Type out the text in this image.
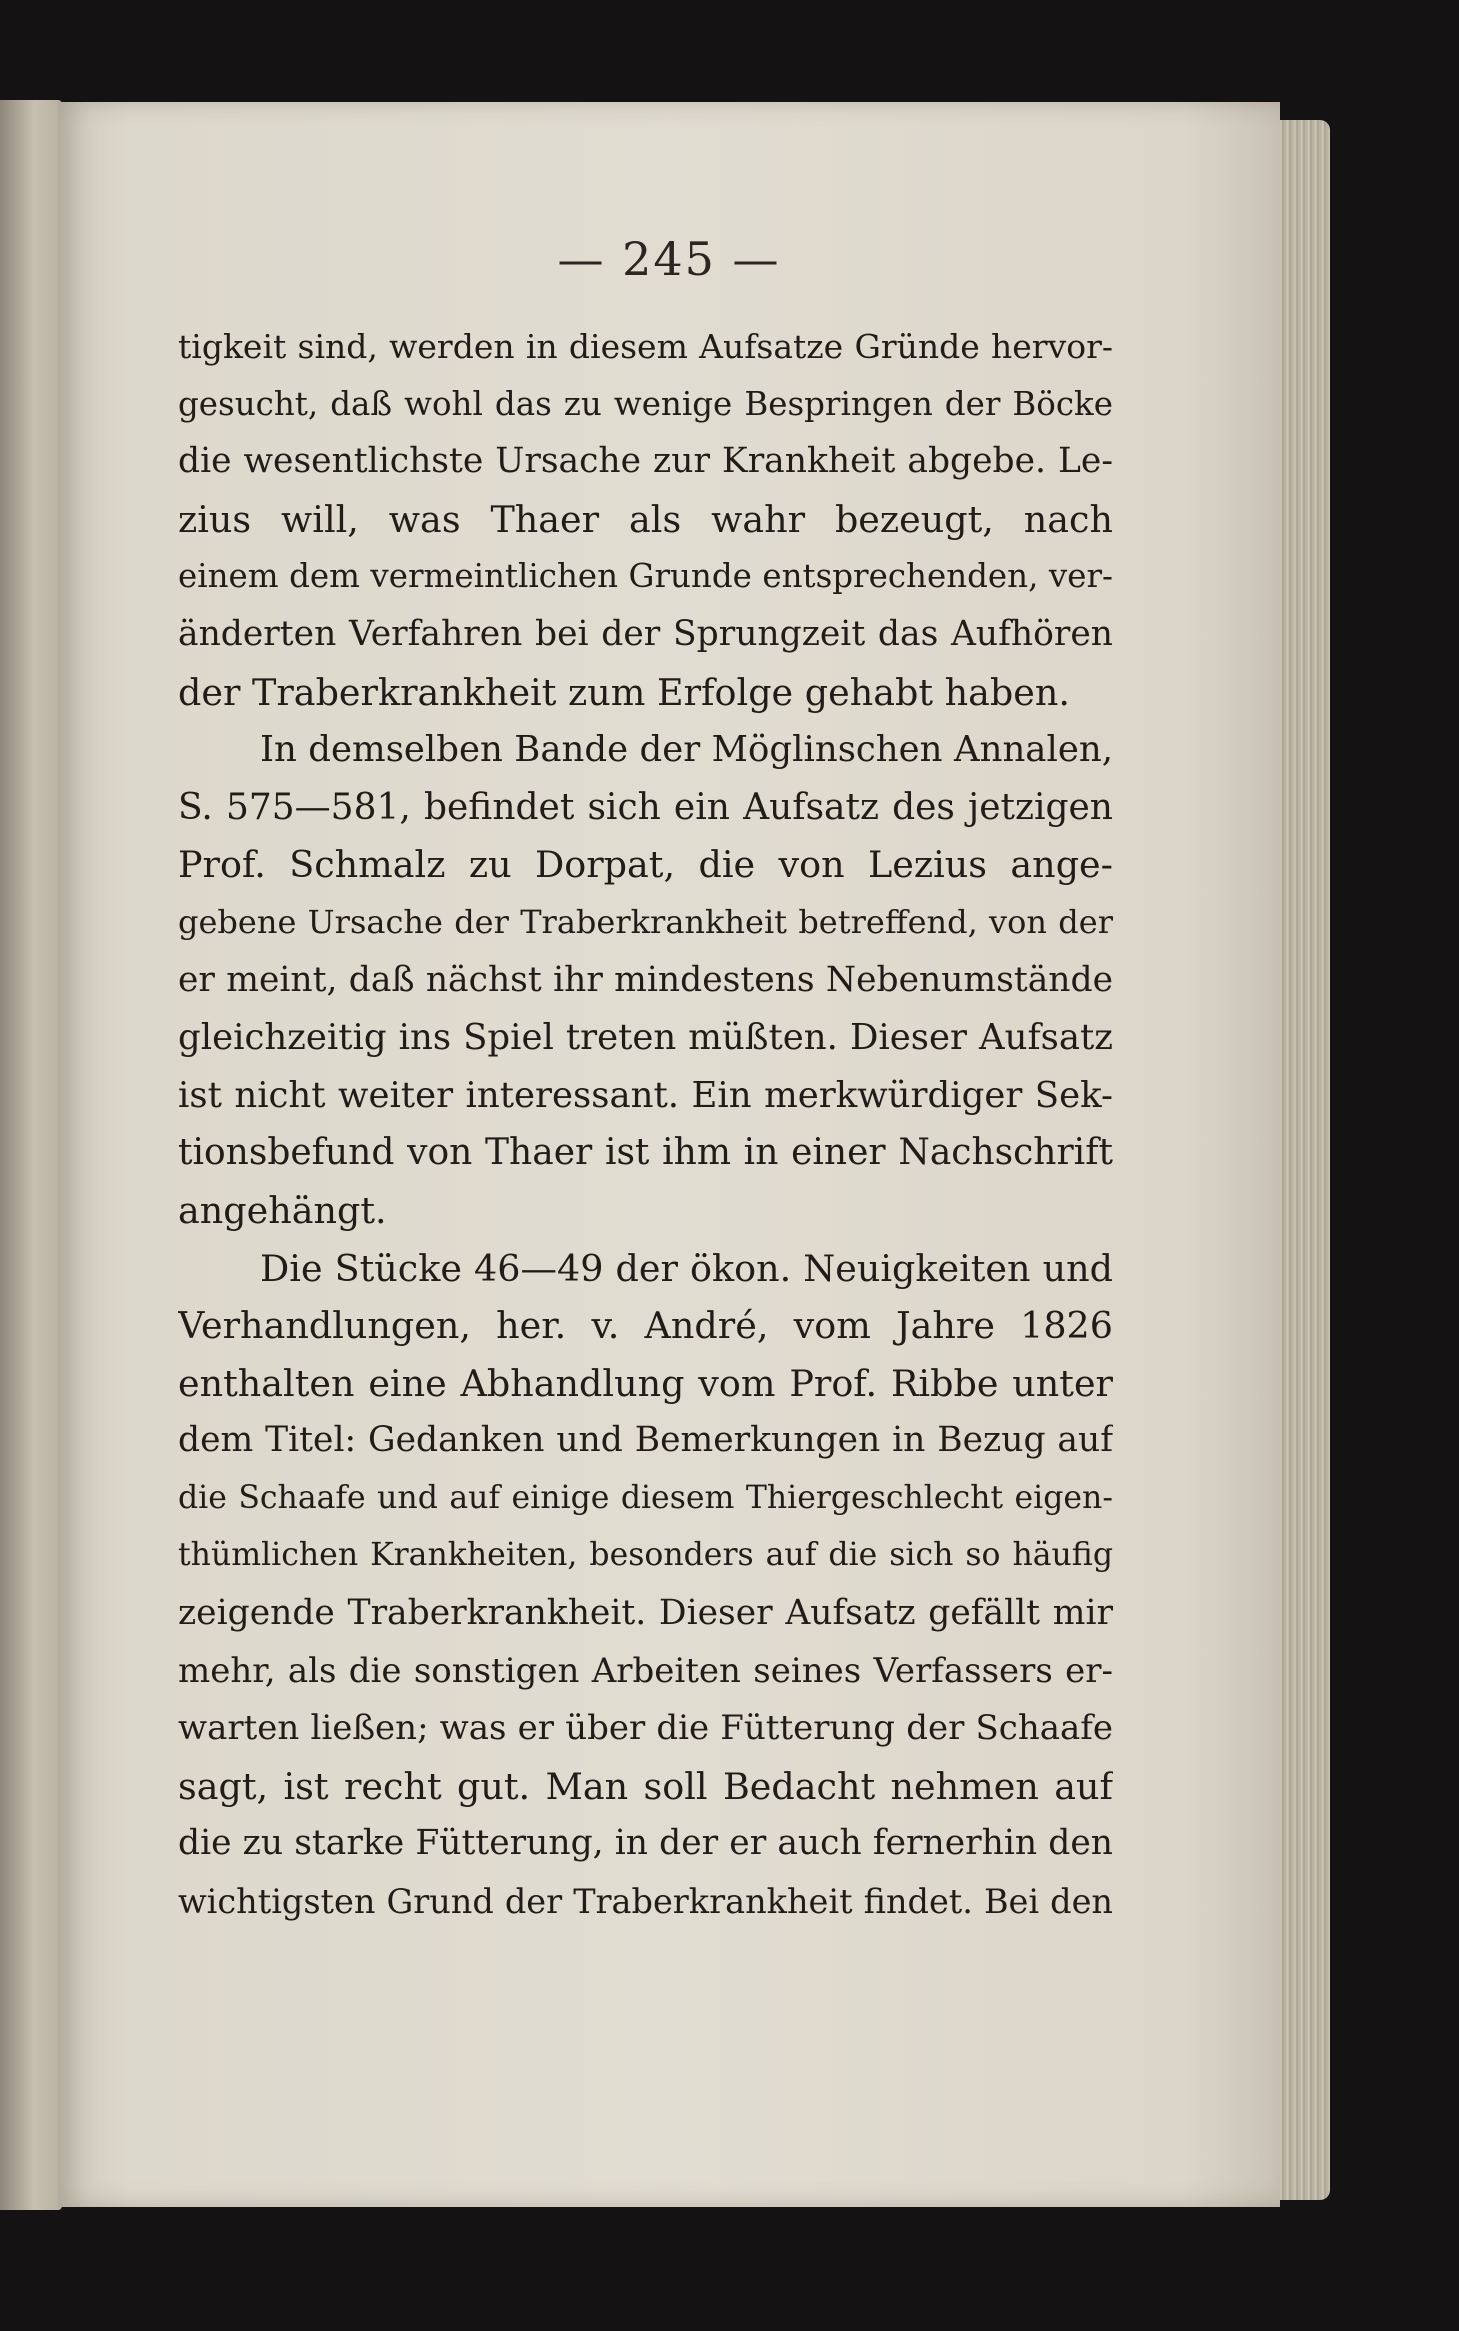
— 245 —
tigkeit sind, werden in diesem Aufsatze Gründe hervor-
gesucht, daß wohl das zu wenige Bespringen der Böcke
die wesentlichste Ursache zur Krankheit abgebe. Le-
zius will, was Thaer als wahr bezeugt, nach
einem dem vermeintlichen Grunde entsprechenden, ver-
änderten Verfahren bei der Sprungzeit das Aufhören
der Traberkrankheit zum Erfolge gehabt haben.
In demselben Bande der Möglinschen Annalen,
S. 575—581, befindet sich ein Aufsatz des jetzigen
Prof. Schmalz zu Dorpat, die von Lezius ange-
gebene Ursache der Traberkrankheit betreffend, von der
er meint, daß nächst ihr mindestens Nebenumstände
gleichzeitig ins Spiel treten müßten. Dieser Aufsatz
ist nicht weiter interessant. Ein merkwürdiger Sek-
tionsbefund von Thaer ist ihm in einer Nachschrift
angehängt.
Die Stücke 46—49 der ökon. Neuigkeiten und
Verhandlungen, her. v. André, vom Jahre 1826
enthalten eine Abhandlung vom Prof. Ribbe unter
dem Titel: Gedanken und Bemerkungen in Bezug auf
die Schaafe und auf einige diesem Thiergeschlecht eigen-
thümlichen Krankheiten, besonders auf die sich so häufig
zeigende Traberkrankheit. Dieser Aufsatz gefällt mir
mehr, als die sonstigen Arbeiten seines Verfassers er-
warten ließen; was er über die Fütterung der Schaafe
sagt, ist recht gut. Man soll Bedacht nehmen auf
die zu starke Fütterung, in der er auch fernerhin den
wichtigsten Grund der Traberkrankheit findet. Bei den
